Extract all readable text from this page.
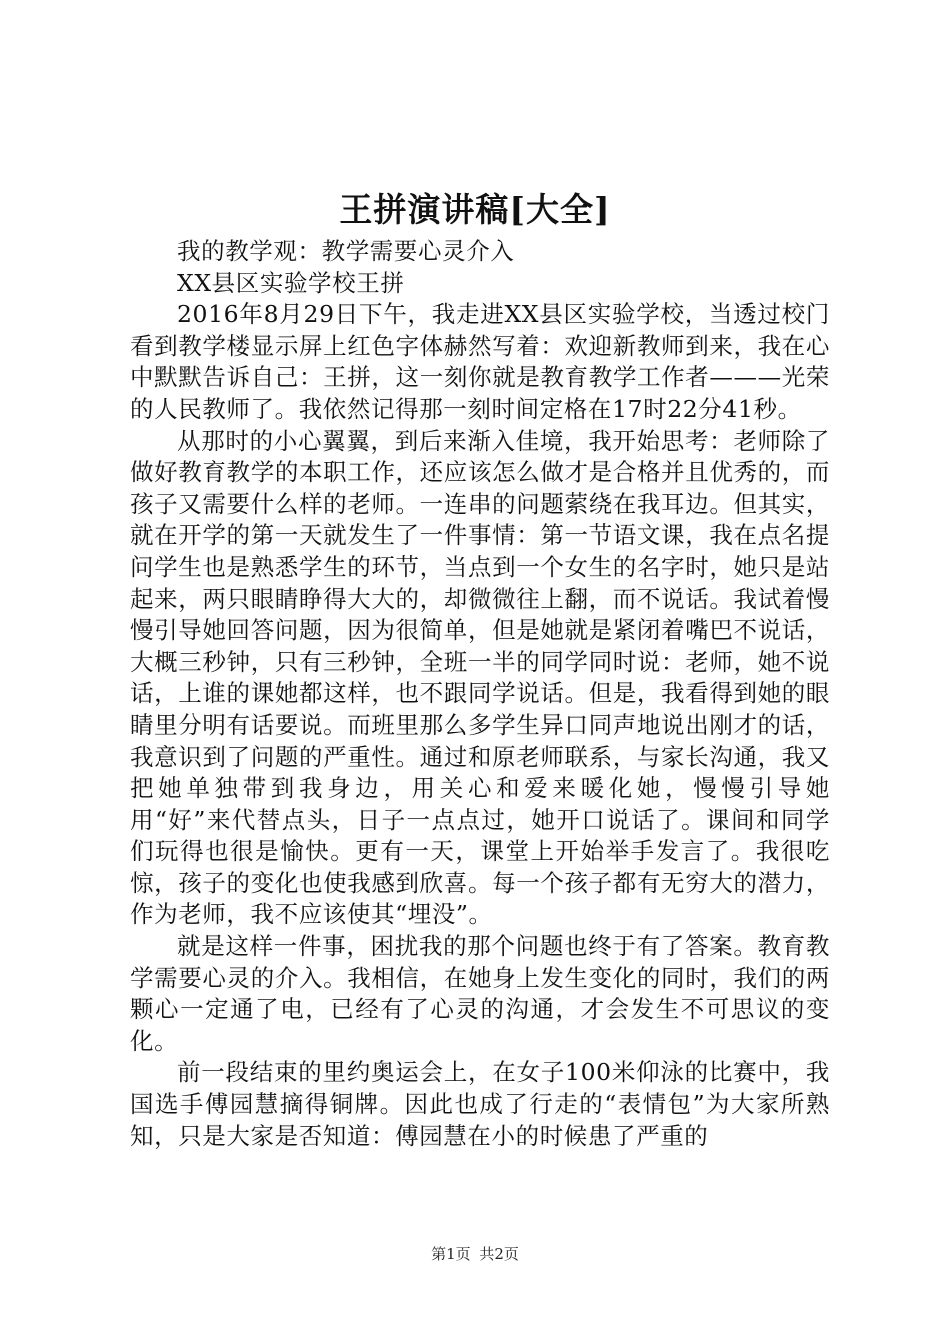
王拼演讲稿[大全]

我的教学观：教学需要心灵介入

XX县区实验学校王拼

2016年8月29日下午，我走进XX县区实验学校，当透过校门看到教学楼显示屏上红色字体赫然写着：欢迎新教师到来，我在心中默默告诉自己：王拼，这一刻你就是教育教学工作者———光荣的人民教师了。我依然记得那一刻时间定格在17时22分41秒。

从那时的小心翼翼，到后来渐入佳境，我开始思考：老师除了做好教育教学的本职工作，还应该怎么做才是合格并且优秀的，而孩子又需要什么样的老师。一连串的问题萦绕在我耳边。但其实，就在开学的第一天就发生了一件事情：第一节语文课，我在点名提问学生也是熟悉学生的环节，当点到一个女生的名字时，她只是站起来，两只眼睛睁得大大的，却微微往上翻，而不说话。我试着慢慢引导她回答问题，因为很简单，但是她就是紧闭着嘴巴不说话，大概三秒钟，只有三秒钟，全班一半的同学同时说：老师，她不说话，上谁的课她都这样，也不跟同学说话。但是，我看得到她的眼睛里分明有话要说。而班里那么多学生异口同声地说出刚才的话，我意识到了问题的严重性。通过和原老师联系，与家长沟通，我又把她单独带到我身边，用关心和爱来暖化她，慢慢引导她用“好”来代替点头，日子一点点过，她开口说话了。课间和同学们玩得也很是愉快。更有一天，课堂上开始举手发言了。我很吃惊，孩子的变化也使我感到欣喜。每一个孩子都有无穷大的潜力，作为老师，我不应该使其“埋没”。

就是这样一件事，困扰我的那个问题也终于有了答案。教育教学需要心灵的介入。我相信，在她身上发生变化的同时，我们的两颗心一定通了电，已经有了心灵的沟通，才会发生不可思议的变化。

前一段结束的里约奥运会上，在女子100米仰泳的比赛中，我国选手傅园慧摘得铜牌。因此也成了行走的“表情包”为大家所熟知，只是大家是否知道：傅园慧在小的时候患了严重的

第1页 共2页
